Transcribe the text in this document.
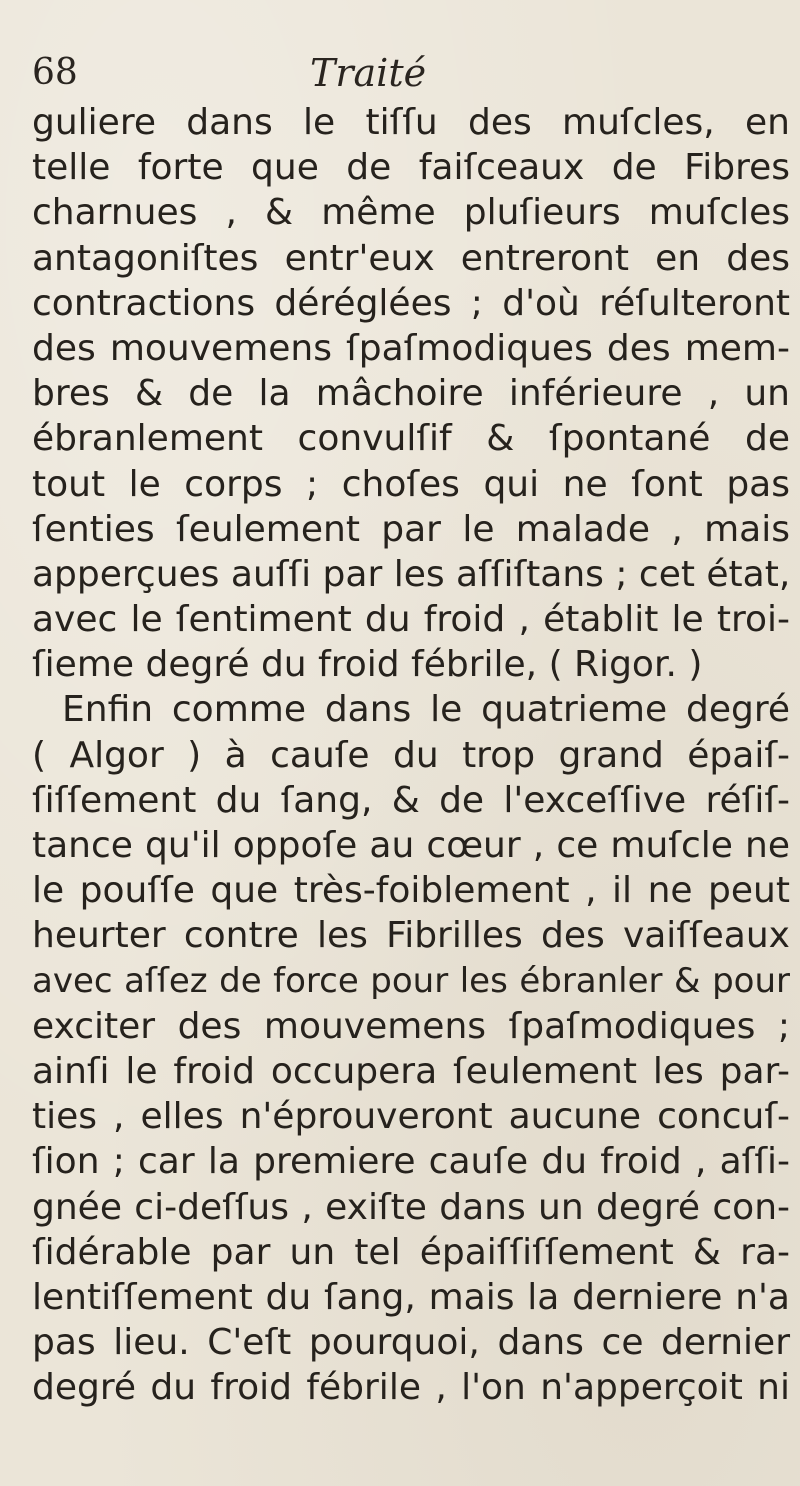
68	Traité
guliere dans le tiſſu des muſcles, en
telle forte que de faiſceaux de Fibres
charnues , & même pluſieurs muſcles
antagoniſtes entr'eux entreront en des
contractions déréglées ; d'où réſulteront
des mouvemens ſpaſmodiques des mem-
bres & de la mâchoire inférieure , un
ébranlement convulſif & ſpontané de
tout le corps ; choſes qui ne ſont pas
ſenties ſeulement par le malade , mais
apperçues auſſi par les aſſiſtans ; cet état,
avec le ſentiment du froid , établit le troi-
ſieme degré du froid fébrile, ( Rigor. )
Enfin comme dans le quatrieme degré
( Algor ) à cauſe du trop grand épaiſ-
ſiſſement du ſang, & de l'exceſſive réſiſ-
tance qu'il oppoſe au cœur , ce muſcle ne
le pouſſe que très-foiblement , il ne peut
heurter contre les Fibrilles des vaiſſeaux
avec aſſez de force pour les ébranler & pour
exciter des mouvemens ſpaſmodiques ;
ainſi le froid occupera ſeulement les par-
ties , elles n'éprouveront aucune concuſ-
ſion ; car la premiere cauſe du froid , aſſi-
gnée ci-deſſus , exiſte dans un degré con-
ſidérable par un tel épaiſſiſſement & ra-
lentiſſement du ſang, mais la derniere n'a
pas lieu. C'eſt pourquoi, dans ce dernier
degré du froid fébrile , l'on n'apperçoit ni
